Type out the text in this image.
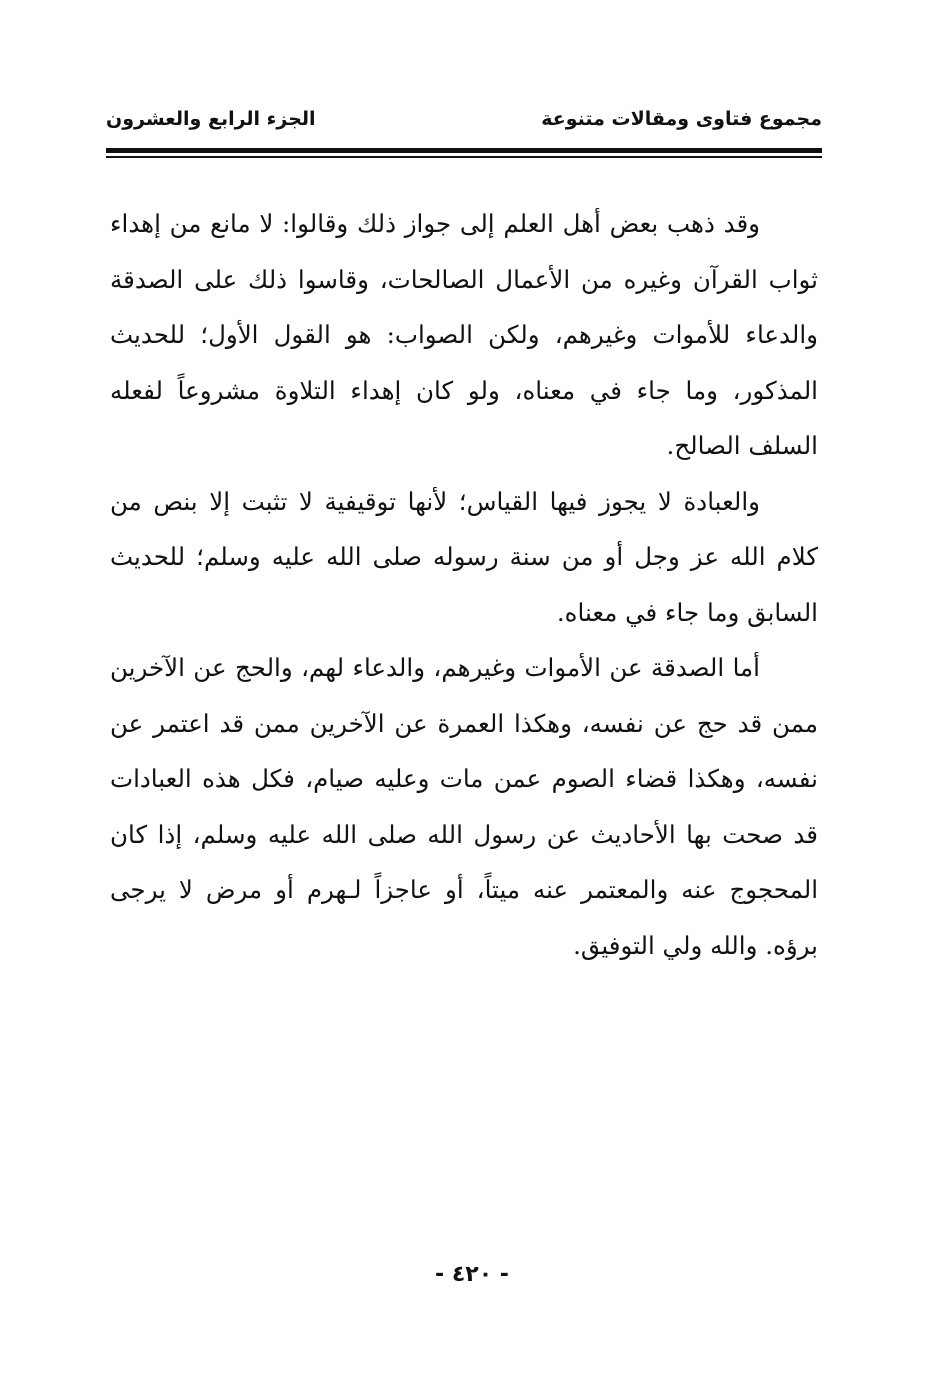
مجموع فتاوى ومقالات متنوعة
الجزء الرابع والعشرون

وقد ذهب بعض أهل العلم إلى جواز ذلك وقالوا: لا مانع من إهداء ثواب القرآن وغيره من الأعمال الصالحات، وقاسوا ذلك على الصدقة والدعاء للأموات وغيرهم، ولكن الصواب: هو القول الأول؛ للحديث المذكور، وما جاء في معناه، ولو كان إهداء التلاوة مشروعاً لفعله السلف الصالح.

والعبادة لا يجوز فيها القياس؛ لأنها توقيفية لا تثبت إلا بنص من كلام الله عز وجل أو من سنة رسوله صلى الله عليه وسلم؛ للحديث السابق وما جاء في معناه.

أما الصدقة عن الأموات وغيرهم، والدعاء لهم، والحج عن الآخرين ممن قد حج عن نفسه، وهكذا العمرة عن الآخرين ممن قد اعتمر عن نفسه، وهكذا قضاء الصوم عمن مات وعليه صيام، فكل هذه العبادات قد صحت بها الأحاديث عن رسول الله صلى الله عليه وسلم، إذا كان المحجوج عنه والمعتمر عنه ميتاً، أو عاجزاً لـهرم أو مرض لا يرجى برؤه. والله ولي التوفيق.

- ٤٢٠ -
